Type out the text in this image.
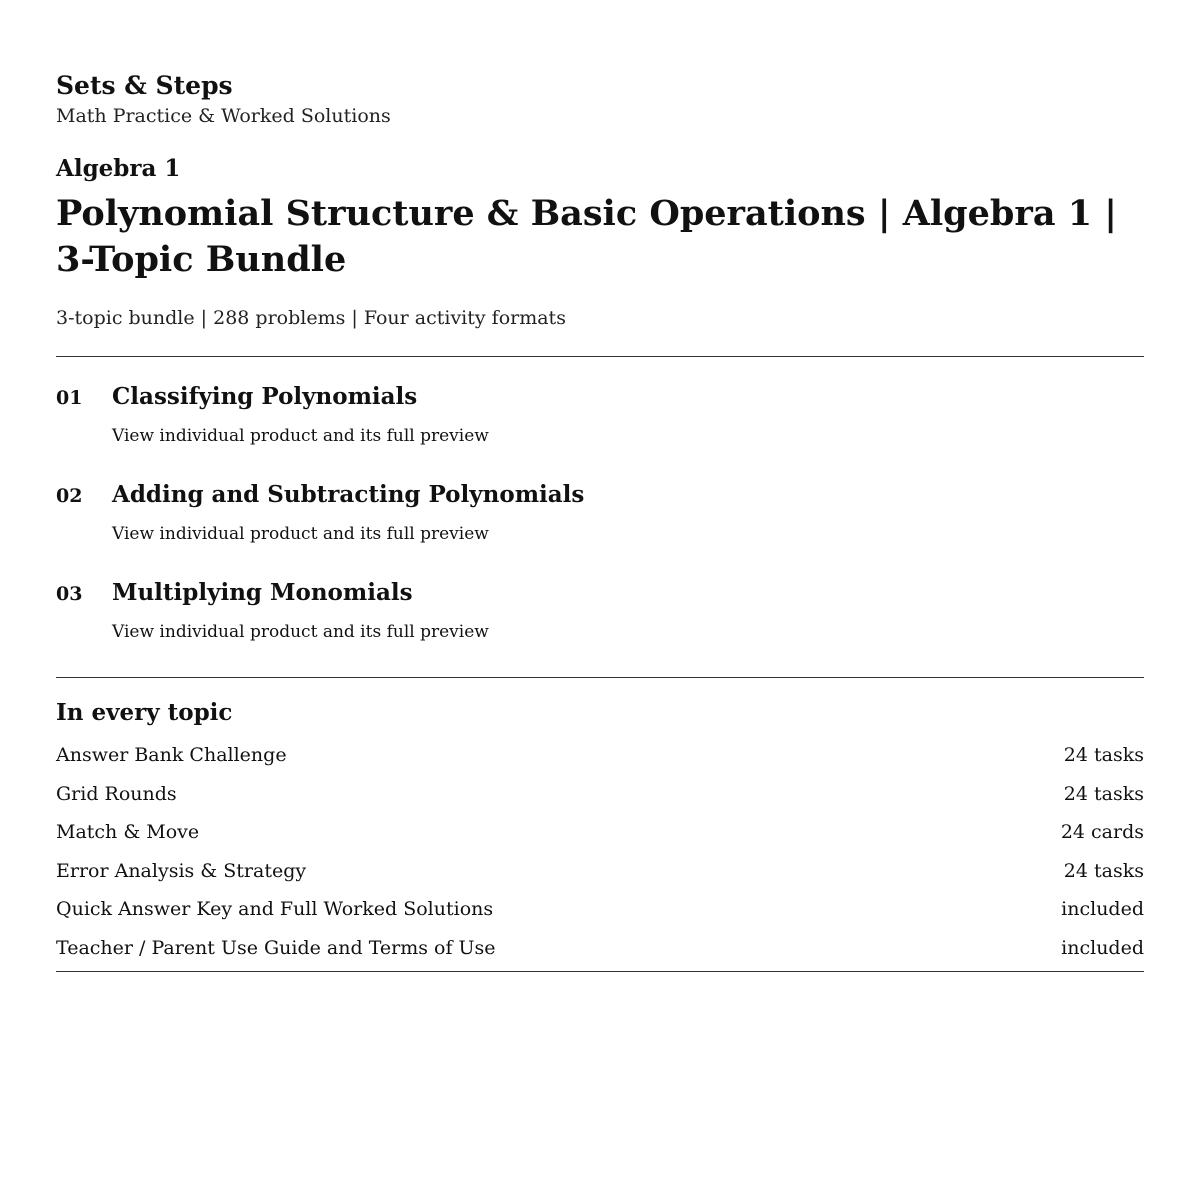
Sets & Steps

Math Practice & Worked Solutions

Algebra 1

Polynomial Structure & Basic Operations | Algebra 1 | 3-Topic Bundle

3-topic bundle | 288 problems | Four activity formats

01	Classifying Polynomials
View individual product and its full preview
02	Adding and Subtracting Polynomials
View individual product and its full preview
03	Multiplying Monomials
View individual product and its full preview
In every topic
Answer Bank Challenge	24 tasks
Grid Rounds	24 tasks
Match & Move	24 cards
Error Analysis & Strategy	24 tasks
Quick Answer Key and Full Worked Solutions	included
Teacher / Parent Use Guide and Terms of Use	included
